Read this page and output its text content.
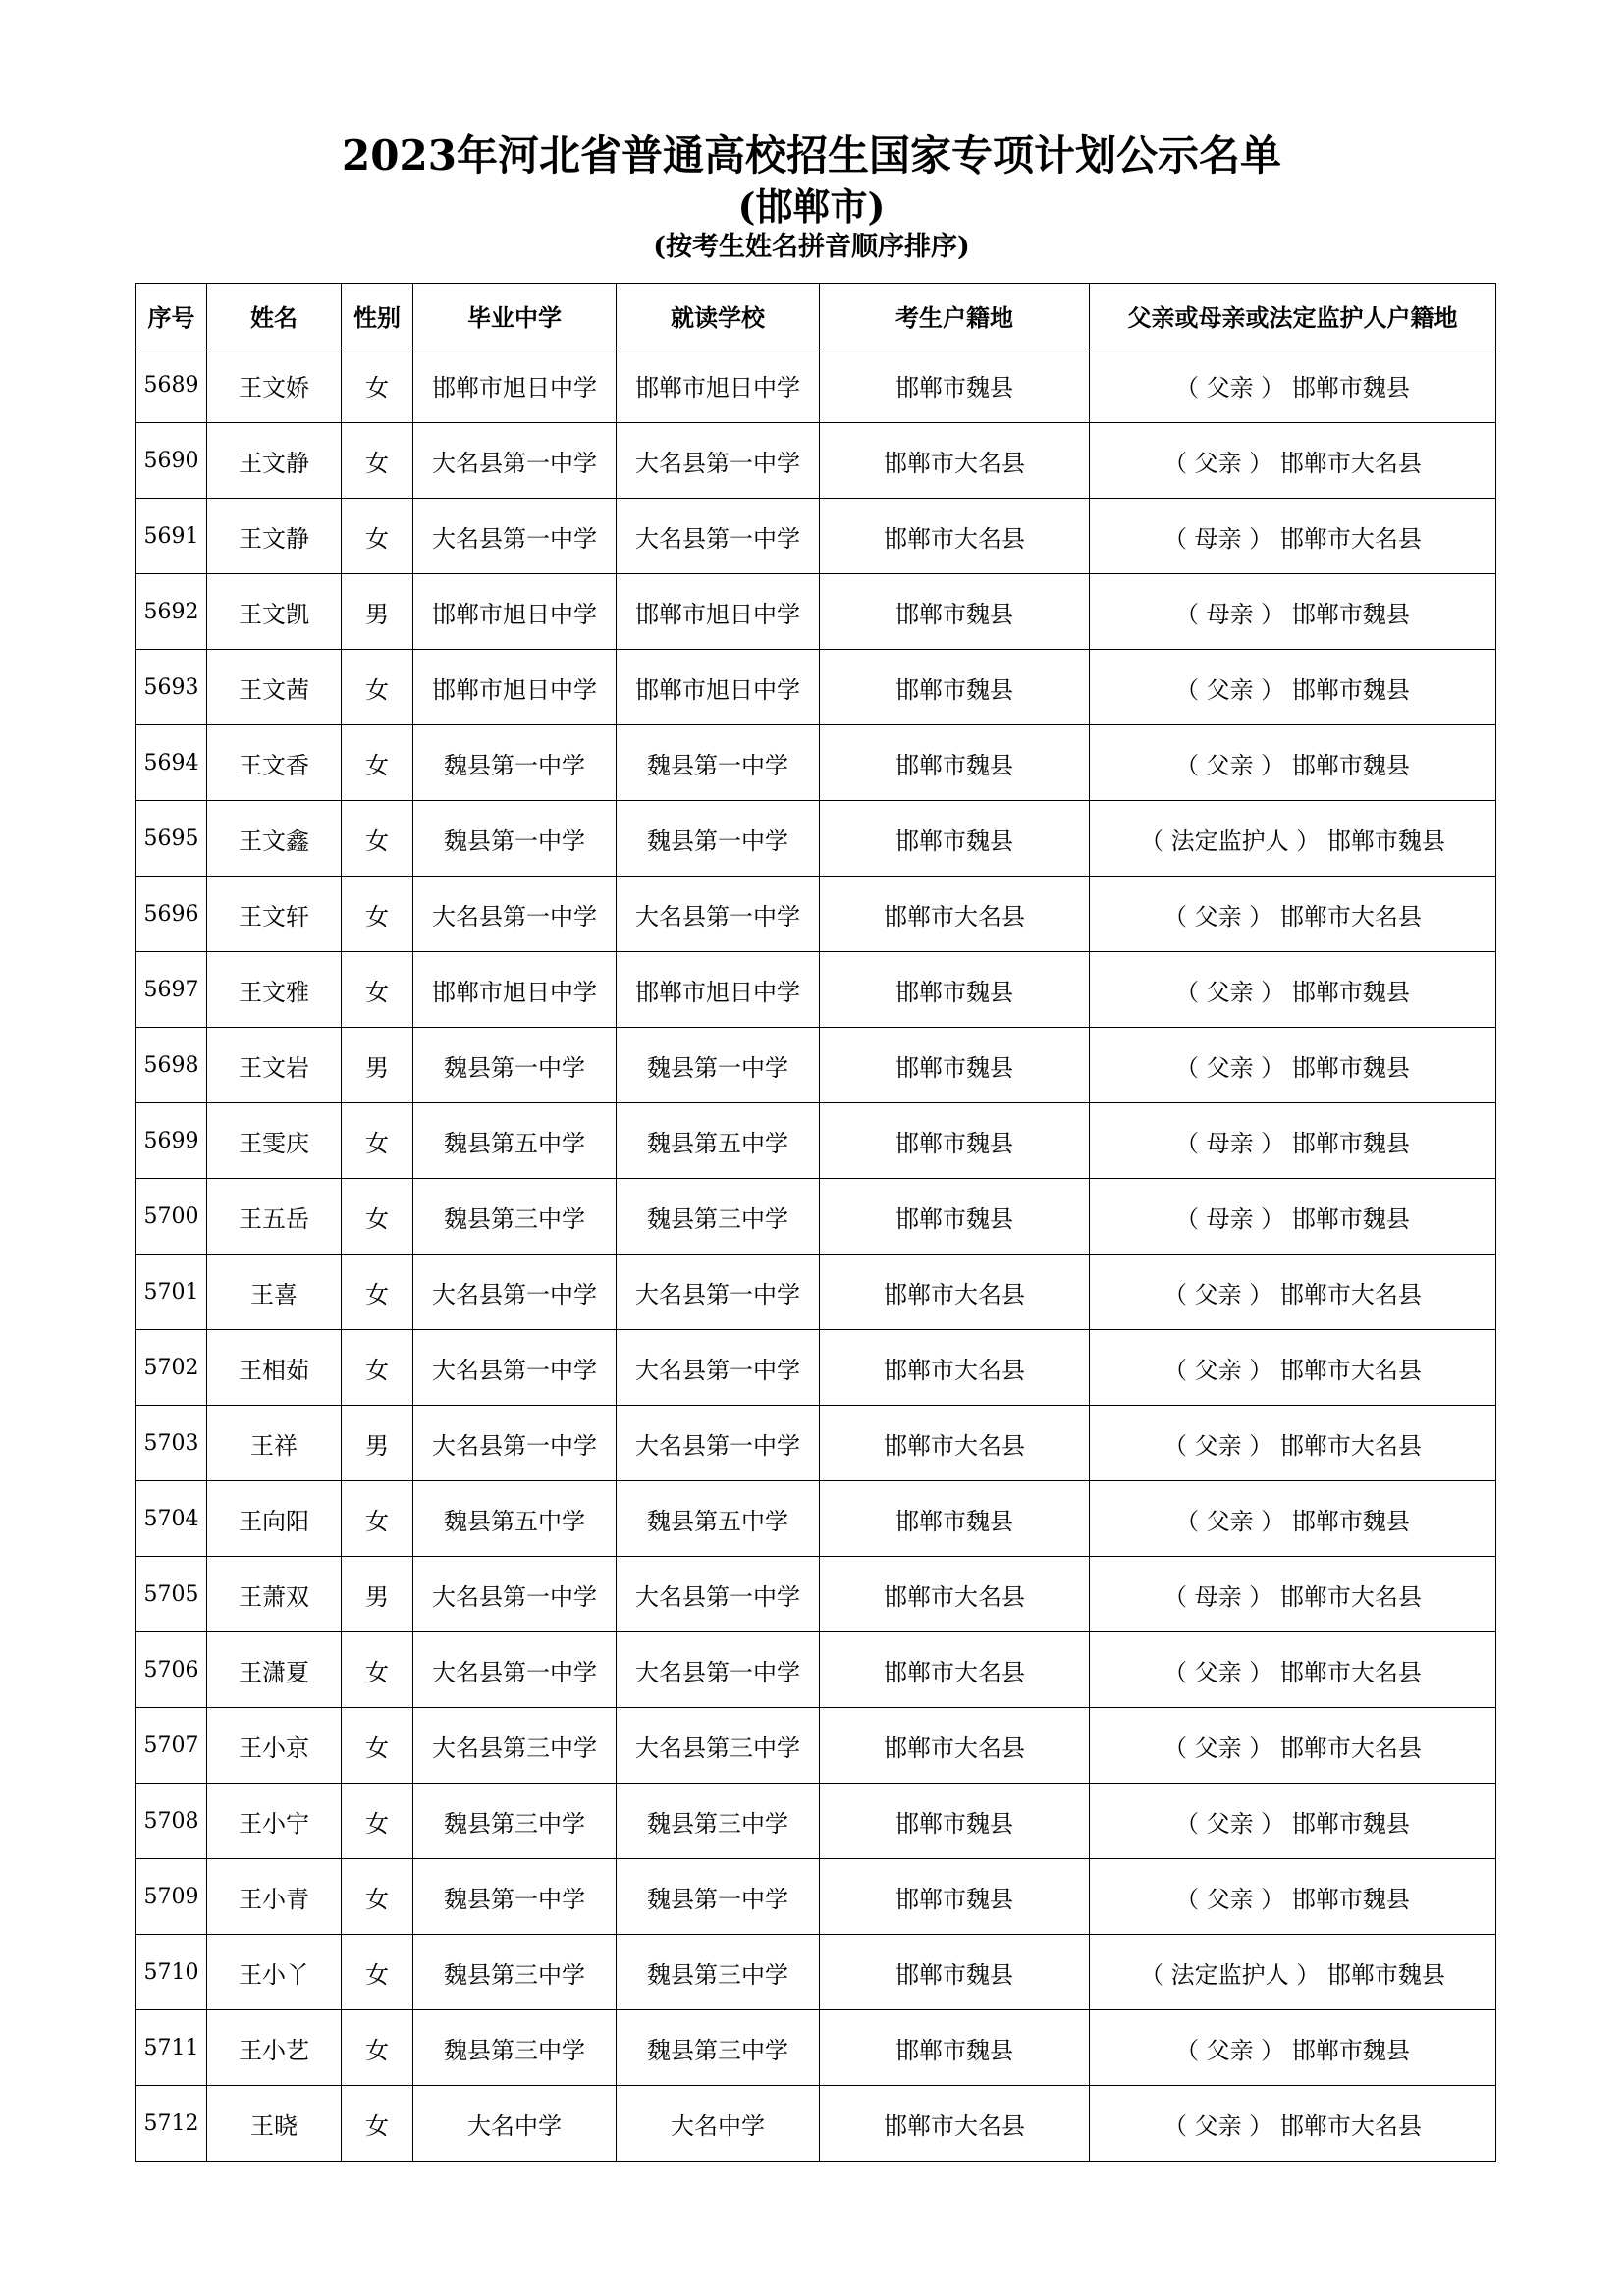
2023年河北省普通高校招生国家专项计划公示名单
(邯郸市)
(按考生姓名拼音顺序排序)
序号	姓名	性别	毕业中学	就读学校	考生户籍地	父亲或母亲或法定监护人户籍地
5689	王文娇	女	邯郸市旭日中学	邯郸市旭日中学	邯郸市魏县	（ 父亲 ） 邯郸市魏县
5690	王文静	女	大名县第一中学	大名县第一中学	邯郸市大名县	（ 父亲 ） 邯郸市大名县
5691	王文静	女	大名县第一中学	大名县第一中学	邯郸市大名县	（ 母亲 ） 邯郸市大名县
5692	王文凯	男	邯郸市旭日中学	邯郸市旭日中学	邯郸市魏县	（ 母亲 ） 邯郸市魏县
5693	王文茜	女	邯郸市旭日中学	邯郸市旭日中学	邯郸市魏县	（ 父亲 ） 邯郸市魏县
5694	王文香	女	魏县第一中学	魏县第一中学	邯郸市魏县	（ 父亲 ） 邯郸市魏县
5695	王文鑫	女	魏县第一中学	魏县第一中学	邯郸市魏县	（ 法定监护人 ） 邯郸市魏县
5696	王文轩	女	大名县第一中学	大名县第一中学	邯郸市大名县	（ 父亲 ） 邯郸市大名县
5697	王文雅	女	邯郸市旭日中学	邯郸市旭日中学	邯郸市魏县	（ 父亲 ） 邯郸市魏县
5698	王文岩	男	魏县第一中学	魏县第一中学	邯郸市魏县	（ 父亲 ） 邯郸市魏县
5699	王雯庆	女	魏县第五中学	魏县第五中学	邯郸市魏县	（ 母亲 ） 邯郸市魏县
5700	王五岳	女	魏县第三中学	魏县第三中学	邯郸市魏县	（ 母亲 ） 邯郸市魏县
5701	王喜	女	大名县第一中学	大名县第一中学	邯郸市大名县	（ 父亲 ） 邯郸市大名县
5702	王相茹	女	大名县第一中学	大名县第一中学	邯郸市大名县	（ 父亲 ） 邯郸市大名县
5703	王祥	男	大名县第一中学	大名县第一中学	邯郸市大名县	（ 父亲 ） 邯郸市大名县
5704	王向阳	女	魏县第五中学	魏县第五中学	邯郸市魏县	（ 父亲 ） 邯郸市魏县
5705	王萧双	男	大名县第一中学	大名县第一中学	邯郸市大名县	（ 母亲 ） 邯郸市大名县
5706	王潇夏	女	大名县第一中学	大名县第一中学	邯郸市大名县	（ 父亲 ） 邯郸市大名县
5707	王小京	女	大名县第三中学	大名县第三中学	邯郸市大名县	（ 父亲 ） 邯郸市大名县
5708	王小宁	女	魏县第三中学	魏县第三中学	邯郸市魏县	（ 父亲 ） 邯郸市魏县
5709	王小青	女	魏县第一中学	魏县第一中学	邯郸市魏县	（ 父亲 ） 邯郸市魏县
5710	王小丫	女	魏县第三中学	魏县第三中学	邯郸市魏县	（ 法定监护人 ） 邯郸市魏县
5711	王小艺	女	魏县第三中学	魏县第三中学	邯郸市魏县	（ 父亲 ） 邯郸市魏县
5712	王晓	女	大名中学	大名中学	邯郸市大名县	（ 父亲 ） 邯郸市大名县
